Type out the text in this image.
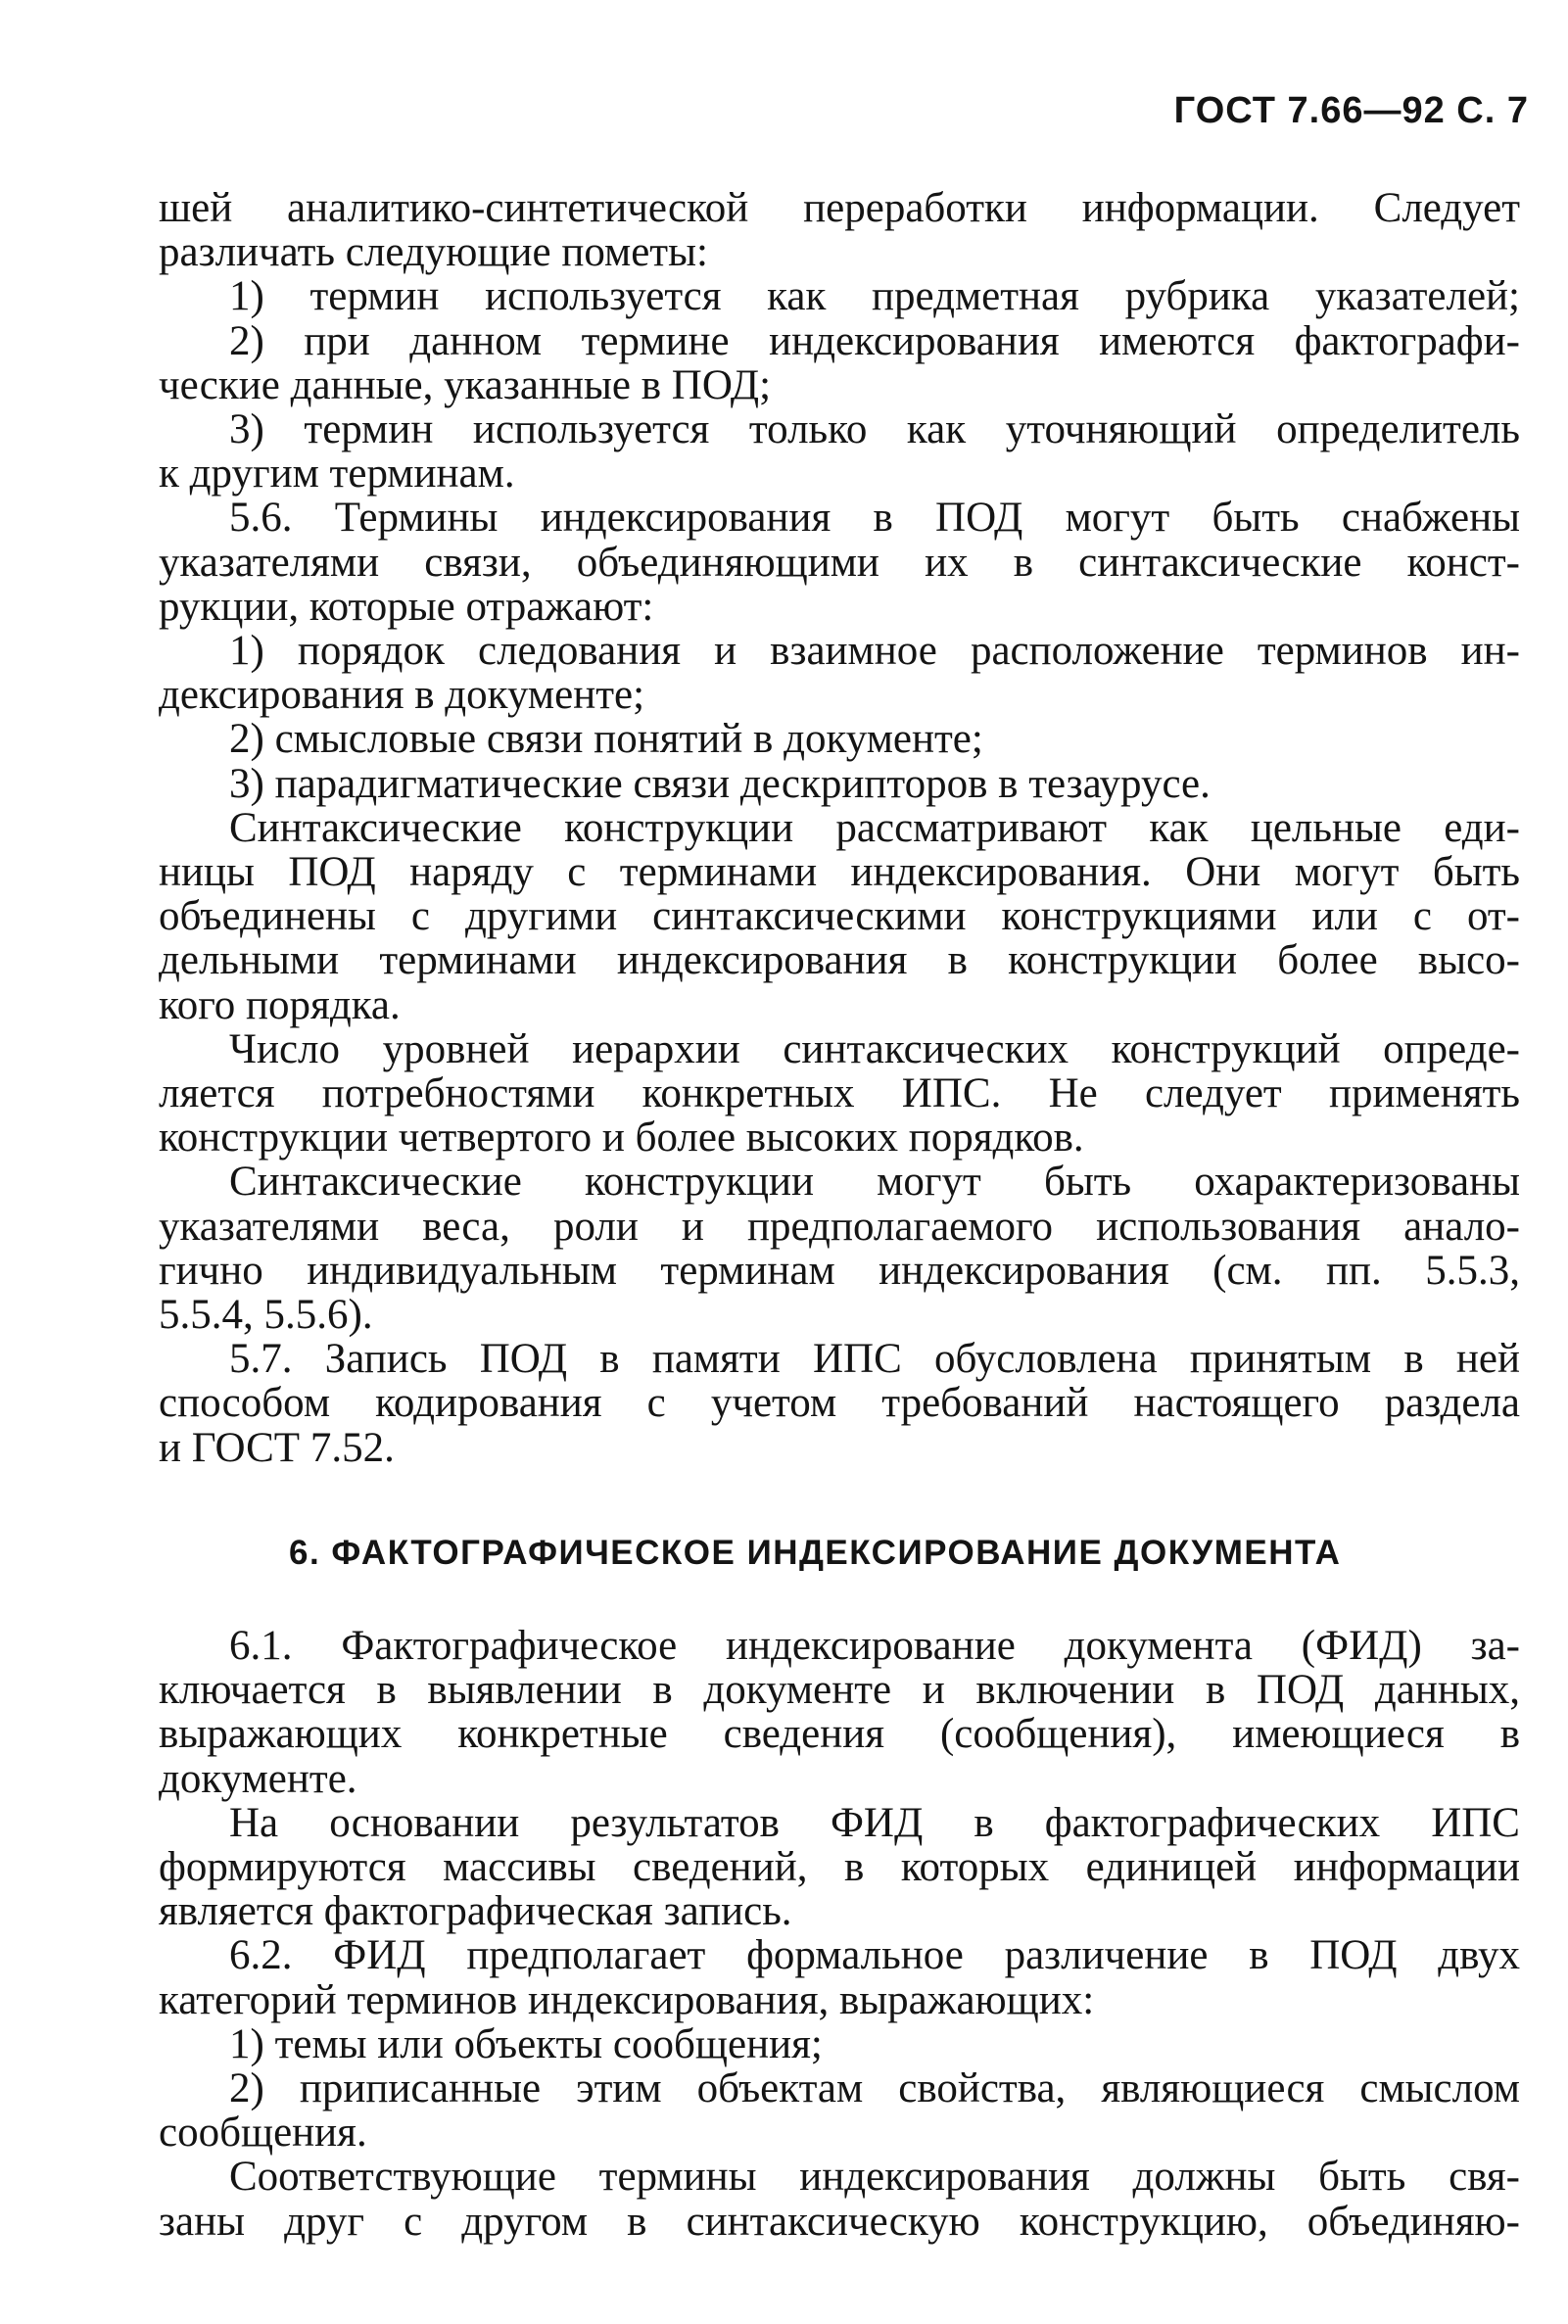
ГОСТ 7.66—92 С. 7
шей аналитико-синтетической переработки информации. Следует
различать следующие пометы:
1) термин используется как предметная рубрика указателей;
2) при данном термине индексирования имеются фактографи-
ческие данные, указанные в ПОД;
3) термин используется только как уточняющий определитель
к другим терминам.
5.6. Термины индексирования в ПОД могут быть снабжены
указателями связи, объединяющими их в синтаксические конст-
рукции, которые отражают:
1) порядок следования и взаимное расположение терминов ин-
дексирования в документе;
2) смысловые связи понятий в документе;
3) парадигматические связи дескрипторов в тезаурусе.
Синтаксические конструкции рассматривают как цельные еди-
ницы ПОД наряду с терминами индексирования. Они могут быть
объединены с другими синтаксическими конструкциями или с от-
дельными терминами индексирования в конструкции более высо-
кого порядка.
Число уровней иерархии синтаксических конструкций опреде-
ляется потребностями конкретных ИПС. Не следует применять
конструкции четвертого и более высоких порядков.
Синтаксические конструкции могут быть охарактеризованы
указателями веса, роли и предполагаемого использования анало-
гично индивидуальным терминам индексирования (см. пп. 5.5.3,
5.5.4, 5.5.6).
5.7. Запись ПОД в памяти ИПС обусловлена принятым в ней
способом кодирования с учетом требований настоящего раздела
и ГОСТ 7.52.
6. ФАКТОГРАФИЧЕСКОЕ ИНДЕКСИРОВАНИЕ ДОКУМЕНТА
6.1. Фактографическое индексирование документа (ФИД) за-
ключается в выявлении в документе и включении в ПОД данных,
выражающих конкретные сведения (сообщения), имеющиеся в
документе.
На основании результатов ФИД в фактографических ИПС
формируются массивы сведений, в которых единицей информации
является фактографическая запись.
6.2. ФИД предполагает формальное различение в ПОД двух
категорий терминов индексирования, выражающих:
1) темы или объекты сообщения;
2) приписанные этим объектам свойства, являющиеся смыслом
сообщения.
Соответствующие термины индексирования должны быть свя-
заны друг с другом в синтаксическую конструкцию, объединяю-
